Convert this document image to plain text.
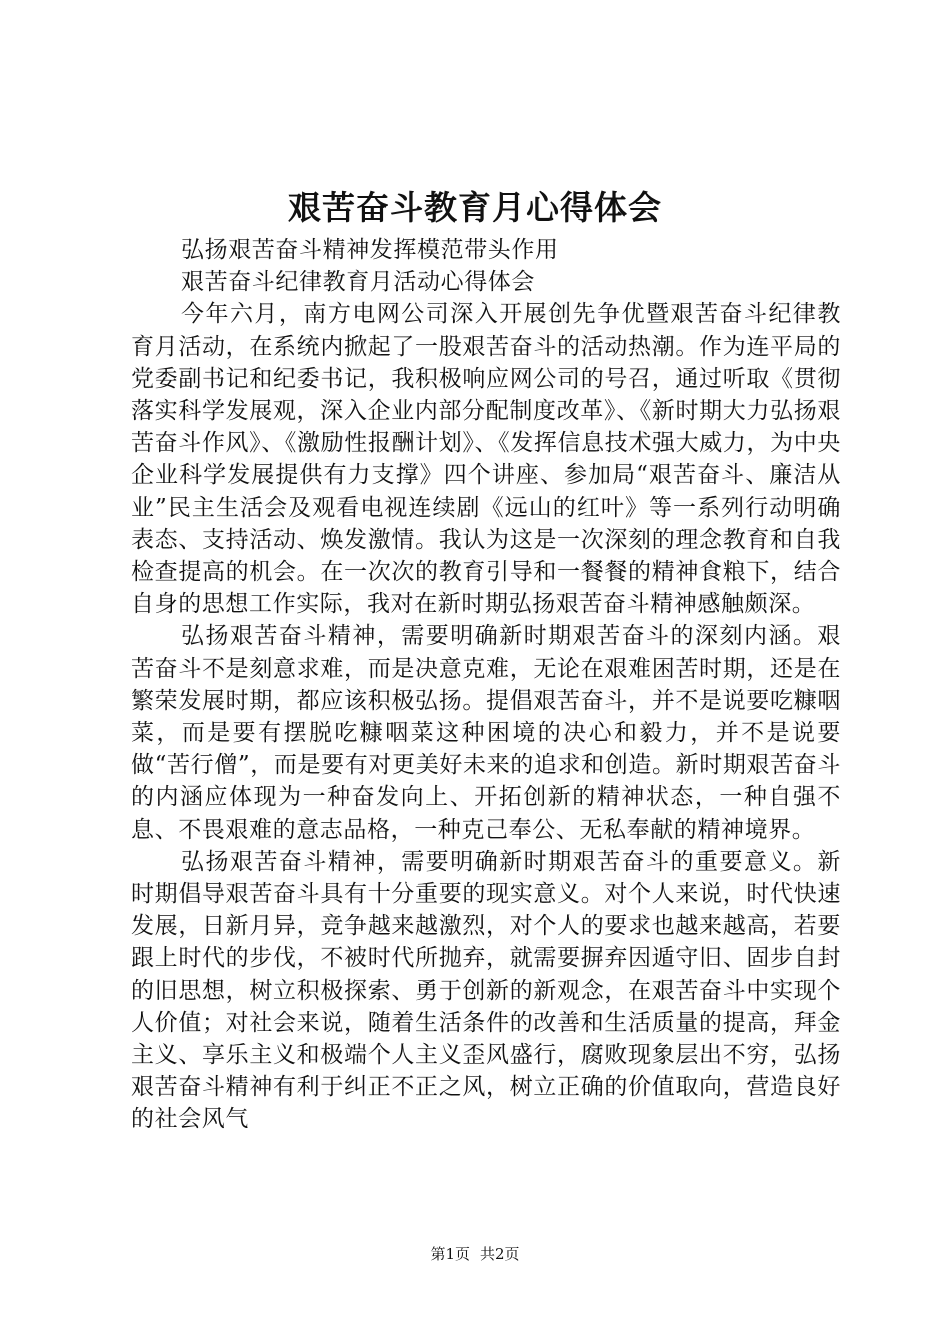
艰苦奋斗教育月心得体会

弘扬艰苦奋斗精神发挥模范带头作用

艰苦奋斗纪律教育月活动心得体会

今年六月，南方电网公司深入开展创先争优暨艰苦奋斗纪律教育月活动，在系统内掀起了一股艰苦奋斗的活动热潮。作为连平局的党委副书记和纪委书记，我积极响应网公司的号召，通过听取《贯彻落实科学发展观，深入企业内部分配制度改革》、《新时期大力弘扬艰苦奋斗作风》、《激励性报酬计划》、《发挥信息技术强大威力，为中央企业科学发展提供有力支撑》四个讲座、参加局“艰苦奋斗、廉洁从业”民主生活会及观看电视连续剧《远山的红叶》等一系列行动明确表态、支持活动、焕发激情。我认为这是一次深刻的理念教育和自我检查提高的机会。在一次次的教育引导和一餐餐的精神食粮下，结合自身的思想工作实际，我对在新时期弘扬艰苦奋斗精神感触颇深。

弘扬艰苦奋斗精神，需要明确新时期艰苦奋斗的深刻内涵。艰苦奋斗不是刻意求难，而是决意克难，无论在艰难困苦时期，还是在繁荣发展时期，都应该积极弘扬。提倡艰苦奋斗，并不是说要吃糠咽菜，而是要有摆脱吃糠咽菜这种困境的决心和毅力，并不是说要做“苦行僧”，而是要有对更美好未来的追求和创造。新时期艰苦奋斗的内涵应体现为一种奋发向上、开拓创新的精神状态，一种自强不息、不畏艰难的意志品格，一种克己奉公、无私奉献的精神境界。

弘扬艰苦奋斗精神，需要明确新时期艰苦奋斗的重要意义。新时期倡导艰苦奋斗具有十分重要的现实意义。对个人来说，时代快速发展，日新月异，竞争越来越激烈，对个人的要求也越来越高，若要跟上时代的步伐，不被时代所抛弃，就需要摒弃因遁守旧、固步自封的旧思想，树立积极探索、勇于创新的新观念，在艰苦奋斗中实现个人价值；对社会来说，随着生活条件的改善和生活质量的提高，拜金主义、享乐主义和极端个人主义歪风盛行，腐败现象层出不穷，弘扬艰苦奋斗精神有利于纠正不正之风，树立正确的价值取向，营造良好的社会风气

第1页 共2页
